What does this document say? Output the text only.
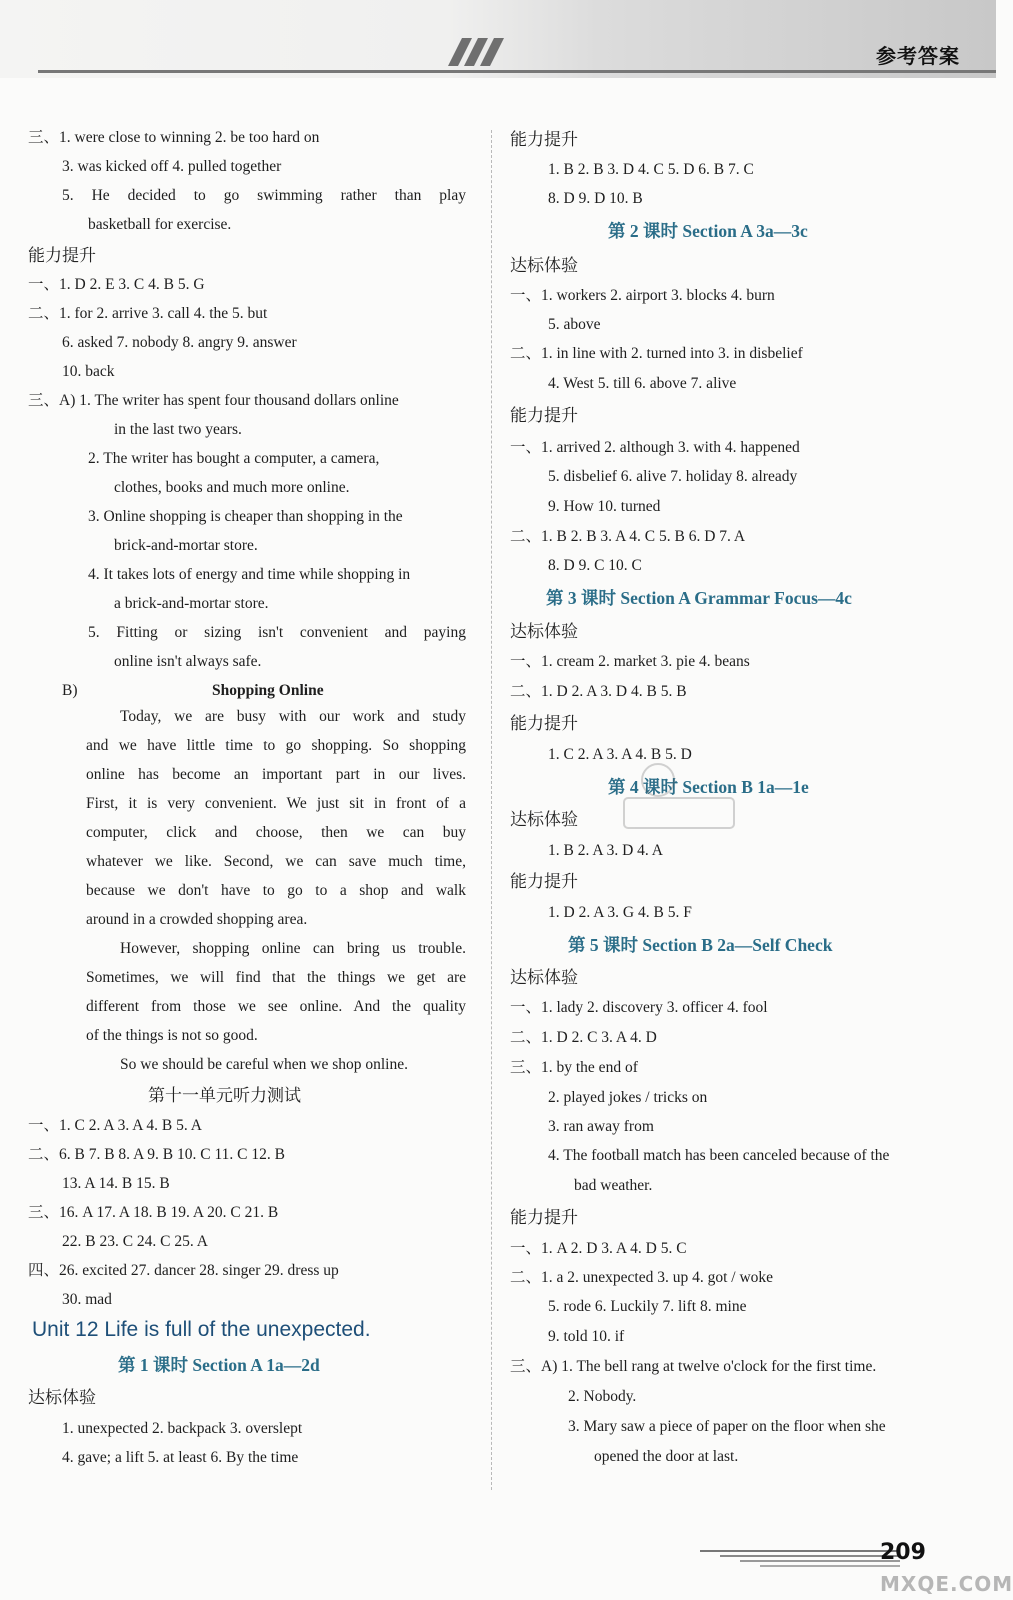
参考答案
三、1. were close to winning 2. be too hard on
3. was kicked off 4. pulled together
5. He decided to go swimming rather than play
basketball for exercise.
能力提升
一、1. D 2. E 3. C 4. B 5. G
二、1. for 2. arrive 3. call 4. the 5. but
6. asked 7. nobody 8. angry 9. answer
10. back
三、A) 1. The writer has spent four thousand dollars online
in the last two years.
2. The writer has bought a computer, a camera,
clothes, books and much more online.
3. Online shopping is cheaper than shopping in the
brick-and-mortar store.
4. It takes lots of energy and time while shopping in
a brick-and-mortar store.
5. Fitting or sizing isn't convenient and paying
online isn't always safe.
B)	Shopping Online
Today, we are busy with our work and study
and we have little time to go shopping. So shopping
online has become an important part in our lives.
First, it is very convenient. We just sit in front of a
computer, click and choose, then we can buy
whatever we like. Second, we can save much time,
because we don't have to go to a shop and walk
around in a crowded shopping area.
However, shopping online can bring us trouble.
Sometimes, we will find that the things we get are
different from those we see online. And the quality
of the things is not so good.
So we should be careful when we shop online.
第十一单元听力测试
一、1. C 2. A 3. A 4. B 5. A
二、6. B 7. B 8. A 9. B 10. C 11. C 12. B
13. A 14. B 15. B
三、16. A 17. A 18. B 19. A 20. C 21. B
22. B 23. C 24. C 25. A
四、26. excited 27. dancer 28. singer 29. dress up
30. mad
Unit 12 Life is full of the unexpected.
第 1 课时 Section A 1a—2d
达标体验
1. unexpected 2. backpack 3. overslept
4. gave; a lift 5. at least 6. By the time
能力提升
1. B 2. B 3. D 4. C 5. D 6. B 7. C
8. D 9. D 10. B
第 2 课时 Section A 3a—3c
达标体验
一、1. workers 2. airport 3. blocks 4. burn
5. above
二、1. in line with 2. turned into 3. in disbelief
4. West 5. till 6. above 7. alive
能力提升
一、1. arrived 2. although 3. with 4. happened
5. disbelief 6. alive 7. holiday 8. already
9. How 10. turned
二、1. B 2. B 3. A 4. C 5. B 6. D 7. A
8. D 9. C 10. C
第 3 课时 Section A Grammar Focus—4c
达标体验
一、1. cream 2. market 3. pie 4. beans
二、1. D 2. A 3. D 4. B 5. B
能力提升
1. C 2. A 3. A 4. B 5. D
第 4 课时 Section B 1a—1e
达标体验
1. B 2. A 3. D 4. A
能力提升
1. D 2. A 3. G 4. B 5. F
第 5 课时 Section B 2a—Self Check
达标体验
一、1. lady 2. discovery 3. officer 4. fool
二、1. D 2. C 3. A 4. D
三、1. by the end of
2. played jokes / tricks on
3. ran away from
4. The football match has been canceled because of the
bad weather.
能力提升
一、1. A 2. D 3. A 4. D 5. C
二、1. a 2. unexpected 3. up 4. got / woke
5. rode 6. Luckily 7. lift 8. mine
9. told 10. if
三、A) 1. The bell rang at twelve o'clock for the first time.
2. Nobody.
3. Mary saw a piece of paper on the floor when she
opened the door at last.
209
MXQE.COM
